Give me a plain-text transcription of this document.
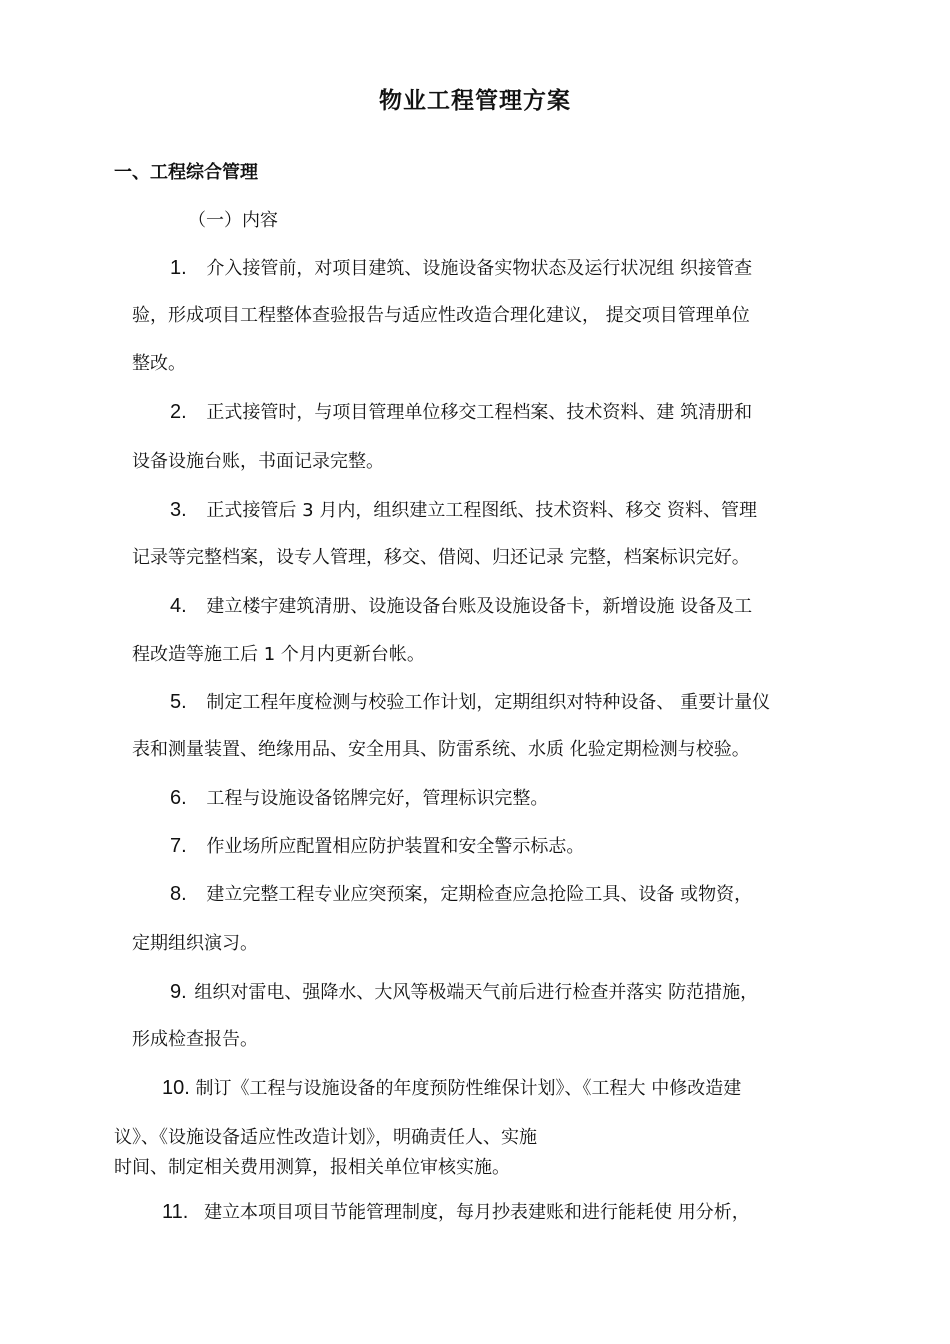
物业工程管理方案
一、工程综合管理
（一）内容
1. 介入接管前，对项目建筑、设施设备实物状态及运行状况组 织接管查
验，形成项目工程整体查验报告与适应性改造合理化建议， 提交项目管理单位
整改。
2. 正式接管时，与项目管理单位移交工程档案、技术资料、建 筑清册和
设备设施台账，书面记录完整。
3. 正式接管后 3 月内，组织建立工程图纸、技术资料、移交 资料、管理
记录等完整档案，设专人管理，移交、借阅、归还记录 完整，档案标识完好。
4. 建立楼宇建筑清册、设施设备台账及设施设备卡，新增设施 设备及工
程改造等施工后 1 个月内更新台帐。
5. 制定工程年度检测与校验工作计划，定期组织对特种设备、 重要计量仪
表和测量装置、绝缘用品、安全用具、防雷系统、水质 化验定期检测与校验。
6. 工程与设施设备铭牌完好，管理标识完整。
7. 作业场所应配置相应防护装置和安全警示标志。
8. 建立完整工程专业应突预案，定期检查应急抢险工具、设备 或物资，
定期组织演习。
9. 组织对雷电、强降水、大风等极端天气前后进行检查并落实 防范措施，
形成检查报告。
10. 制订《工程与设施设备的年度预防性维保计划》、《工程大 中修改造建
议》、《设施设备适应性改造计划》，明确责任人、实施
时间、制定相关费用测算，报相关单位审核实施。
11. 建立本项目项目节能管理制度，每月抄表建账和进行能耗使 用分析，
